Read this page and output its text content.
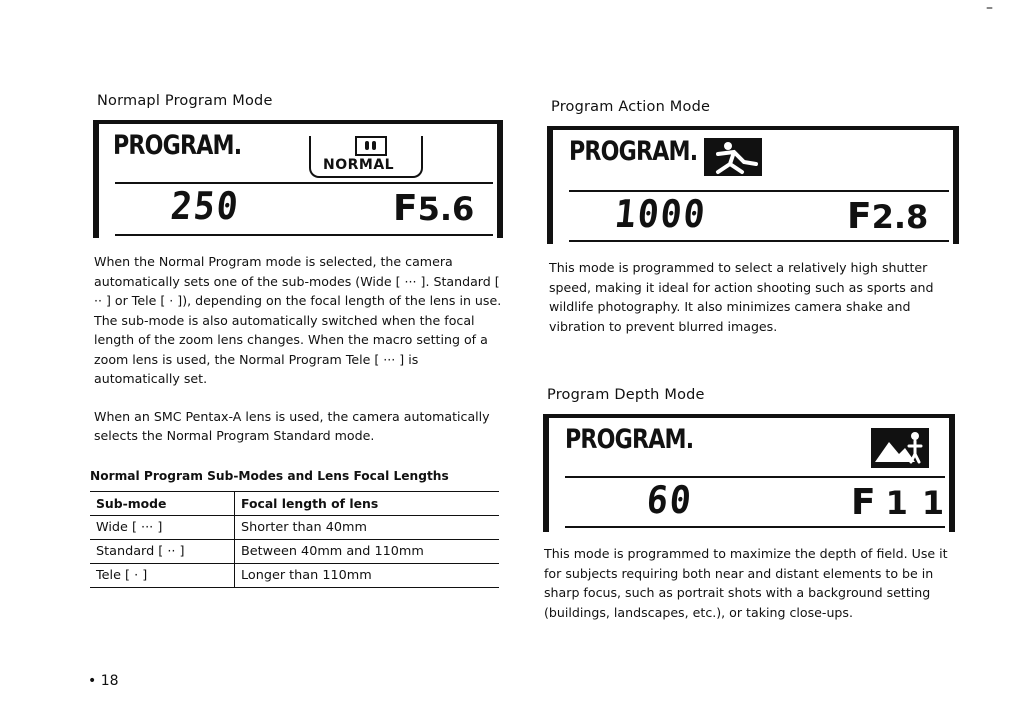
–
Normapl Program Mode
PROGRAM.
NORMAL
250	F5.6

When the Normal Program mode is selected, the camera automatically sets one of the sub-modes (Wide [ ··· ]. Standard [ ·· ] or Tele [ · ]), depending on the focal length of the lens in use. The sub-mode is also automatically switched when the focal length of the zoom lens changes. When the macro setting of a zoom lens is used, the Normal Program Tele [ ··· ] is automatically set.

When an SMC Pentax-A lens is used, the camera automatically selects the Normal Program Standard mode.

Normal Program Sub-Modes and Lens Focal Lengths
Sub-mode	Focal length of lens
Wide [ ··· ]	Shorter than 40mm
Standard [ ·· ]	Between 40mm and 110mm
Tele [ · ]	Longer than 110mm
• 18
Program Action Mode
PROGRAM.
1000	F2.8

This mode is programmed to select a relatively high shutter speed, making it ideal for action shooting such as sports and wildlife photography. It also minimizes camera shake and vibration to prevent blurred images.

Program Depth Mode
PROGRAM.
60	F 11

This mode is programmed to maximize the depth of field. Use it for subjects requiring both near and distant elements to be in sharp focus, such as portrait shots with a background setting (buildings, landscapes, etc.), or taking close-ups.
